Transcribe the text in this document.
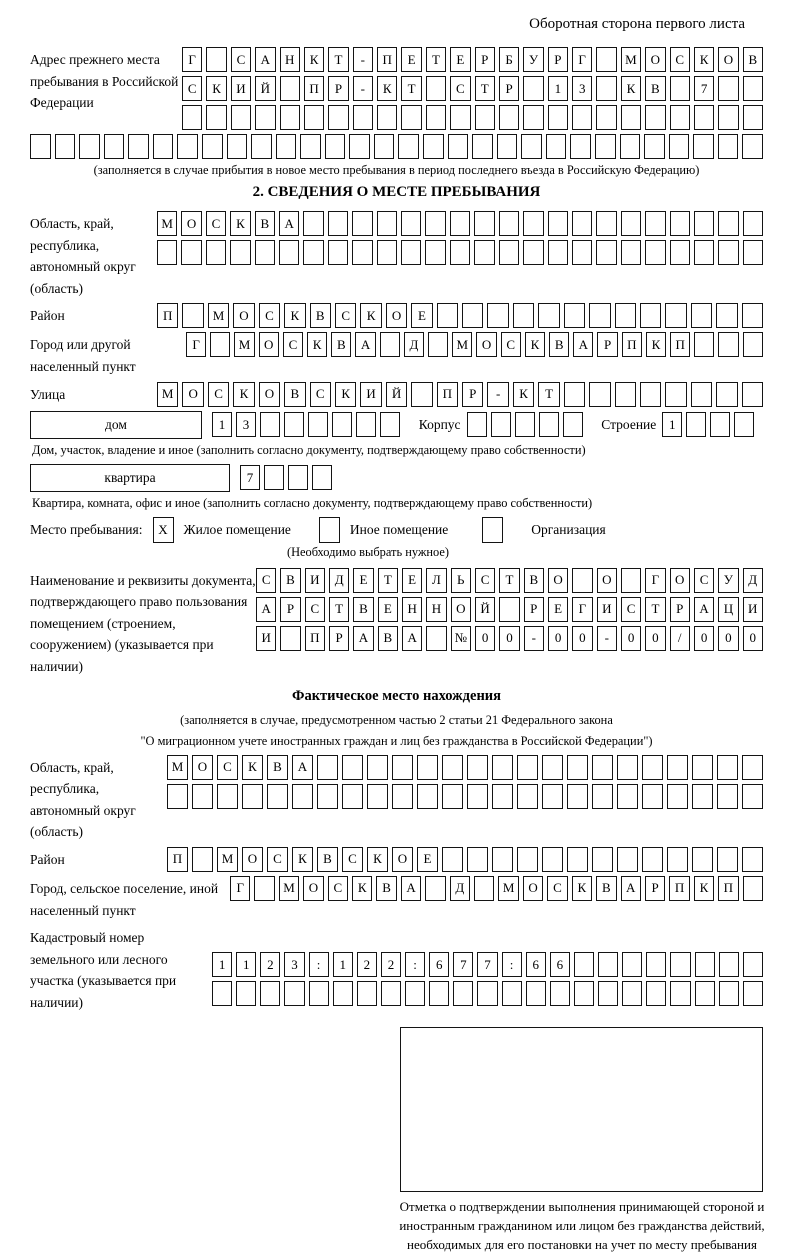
Оборотная сторона первого листа
Адрес прежнего места пребывания в Российской Федерации
Г	С	А	Н	К	Т	-	П	Е	Т	Е	Р	Б	У	Р	Г	М	О	С	К	О	В
С	К	И	Й	П	Р	-	К	Т	С	Т	Р	1	3	К	В	7
(заполняется в случае прибытия в новое место пребывания в период последнего въезда в Российскую Федерацию)
2. СВЕДЕНИЯ О МЕСТЕ ПРЕБЫВАНИЯ
Область, край, республика, автономный округ (область)
М	О	С	К	В	А
Район	П	М	О	С	К	В	С	К	О	Е
Город или другой населенный пункт
Г	М	О	С	К	В	А	Д	М	О	С	К	В	А	Р	П	К	П
Улица	М	О	С	К	О	В	С	К	И	Й	П	Р	-	К	Т
дом	1	3	Корпус	Строение 1
Дом, участок, владение и иное (заполнить согласно документу, подтверждающему право собственности)
квартира	7
Квартира, комната, офис и иное (заполнить согласно документу, подтверждающему право собственности)
Место пребывания:	X	Жилое помещение	Иное помещение	Организация
(Необходимо выбрать нужное)
Наименование и реквизиты документа, подтверждающего право пользования помещением (строением, сооружением) (указывается при наличии)
С	В	И	Д	Е	Т	Е	Л	Ь	С	Т	В	О	О	Г	О	С	У	Д
А	Р	С	Т	В	Е	Н	Н	О	Й	Р	Е	Г	И	С	Т	Р	А	Ц	И
И	П	Р	А	В	А	№	0	0	-	0	0	-	0	0	/	0	0	0
Фактическое место нахождения
(заполняется в случае, предусмотренном частью 2 статьи 21 Федерального закона
"О миграционном учете иностранных граждан и лиц без гражданства в Российской Федерации")
Область, край, республика, автономный округ (область)
М	О	С	К	В	А
Район	П	М	О	С	К	В	С	К	О	Е
Город, сельское поселение, иной населенный пункт
Г	М	О	С	К	В	А	Д	М	О	С	К	В	А	Р	П	К	П
Кадастровый номер земельного или лесного участка (указывается при наличии)
1	1	2	3	:	1	2	2	:	6	7	7	:	6	6
Отметка о подтверждении выполнения принимающей стороной и иностранным гражданином или лицом без гражданства действий, необходимых для его постановки на учет по месту пребывания
